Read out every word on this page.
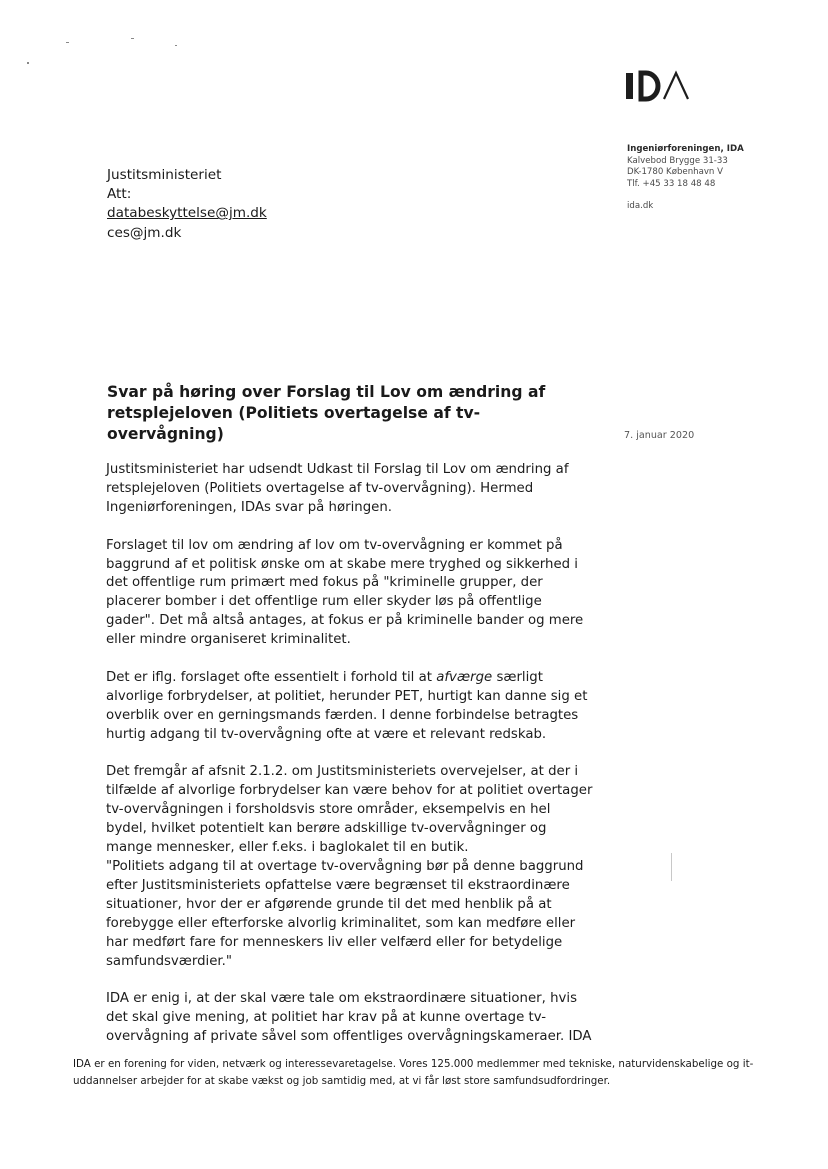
Ingeniørforeningen, IDA
Kalvebod Brygge 31-33
DK-1780 København V
Tlf. +45 33 18 48 48
ida.dk
Justitsministeriet
Att:
databeskyttelse@jm.dk
ces@jm.dk
Svar på høring over Forslag til Lov om ændring af
retsplejeloven (Politiets overtagelse af tv-overvågning)	7. januar 2020

Justitsministeriet har udsendt Udkast til Forslag til Lov om ændring af
retsplejeloven (Politiets overtagelse af tv-overvågning). Hermed
Ingeniørforeningen, IDAs svar på høringen.

Forslaget til lov om ændring af lov om tv-overvågning er kommet på
baggrund af et politisk ønske om at skabe mere tryghed og sikkerhed i
det offentlige rum primært med fokus på "kriminelle grupper, der
placerer bomber i det offentlige rum eller skyder løs på offentlige
gader". Det må altså antages, at fokus er på kriminelle bander og mere
eller mindre organiseret kriminalitet.

Det er iflg. forslaget ofte essentielt i forhold til at afværge særligt
alvorlige forbrydelser, at politiet, herunder PET, hurtigt kan danne sig et
overblik over en gerningsmands færden. I denne forbindelse betragtes
hurtig adgang til tv-overvågning ofte at være et relevant redskab.

Det fremgår af afsnit 2.1.2. om Justitsministeriets overvejelser, at der i
tilfælde af alvorlige forbrydelser kan være behov for at politiet overtager
tv-overvågningen i forsholdsvis store områder, eksempelvis en hel
bydel, hvilket potentielt kan berøre adskillige tv-overvågninger og
mange mennesker, eller f.eks. i baglokalet til en butik.
"Politiets adgang til at overtage tv-overvågning bør på denne baggrund
efter Justitsministeriets opfattelse være begrænset til ekstraordinære
situationer, hvor der er afgørende grunde til det med henblik på at
forebygge eller efterforske alvorlig kriminalitet, som kan medføre eller
har medført fare for menneskers liv eller velfærd eller for betydelige
samfundsværdier."

IDA er enig i, at der skal være tale om ekstraordinære situationer, hvis
det skal give mening, at politiet har krav på at kunne overtage tv-
overvågning af private såvel som offentliges overvågningskameraer. IDA

IDA er en forening for viden, netværk og interessevaretagelse. Vores 125.000 medlemmer med tekniske, naturvidenskabelige og it-
uddannelser arbejder for at skabe vækst og job samtidig med, at vi får løst store samfundsudfordringer.
